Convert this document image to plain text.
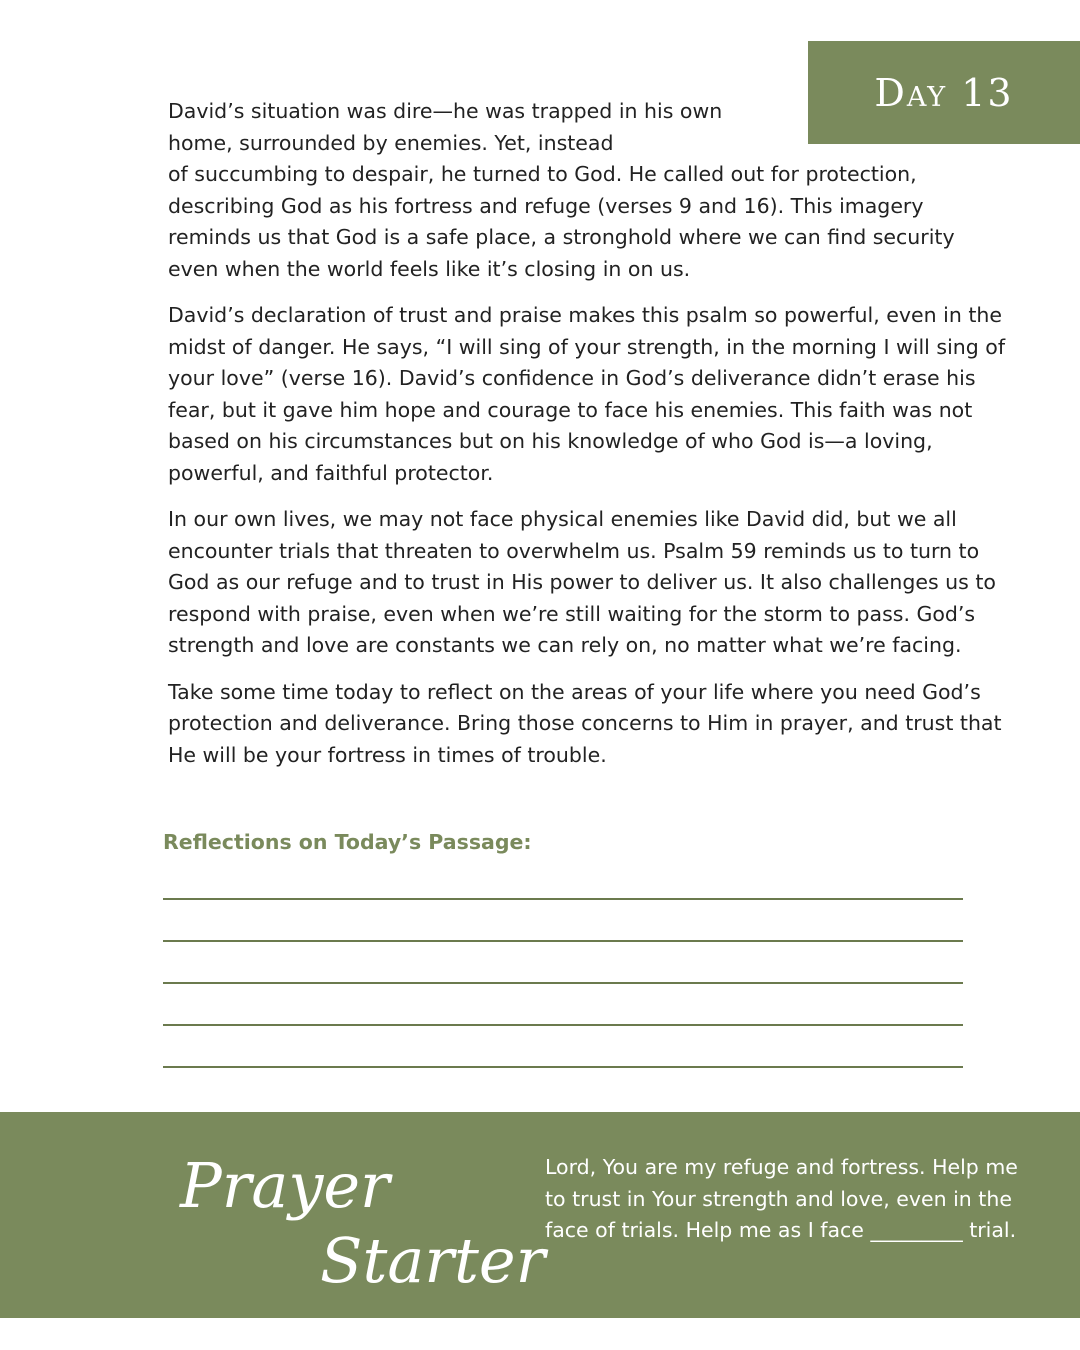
Day 13

David’s situation was dire—he was trapped in his own home, surrounded by enemies. Yet, instead
of succumbing to despair, he turned to God. He called out for protection, describing God as his fortress and refuge (verses 9 and 16). This imagery reminds us that God is a safe place, a stronghold where we can find security even when the world feels like it’s closing in on us.

David’s declaration of trust and praise makes this psalm so powerful, even in the midst of danger. He says, “I will sing of your strength, in the morning I will sing of your love” (verse 16). David’s confidence in God’s deliverance didn’t erase his fear, but it gave him hope and courage to face his enemies. This faith was not based on his circumstances but on his knowledge of who God is—a loving, powerful, and faithful protector.

In our own lives, we may not face physical enemies like David did, but we all encounter trials that threaten to overwhelm us. Psalm 59 reminds us to turn to God as our refuge and to trust in His power to deliver us. It also challenges us to respond with praise, even when we’re still waiting for the storm to pass. God’s strength and love are constants we can rely on, no matter what we’re facing.

Take some time today to reflect on the areas of your life where you need God’s protection and deliverance. Bring those concerns to Him in prayer, and trust that He will be your fortress in times of trouble.

Reflections on Today’s Passage:
Prayer
Starter
Lord, You are my refuge and fortress. Help me to trust in Your strength and love, even in the face of trials. Help me as I face _________ trial.
